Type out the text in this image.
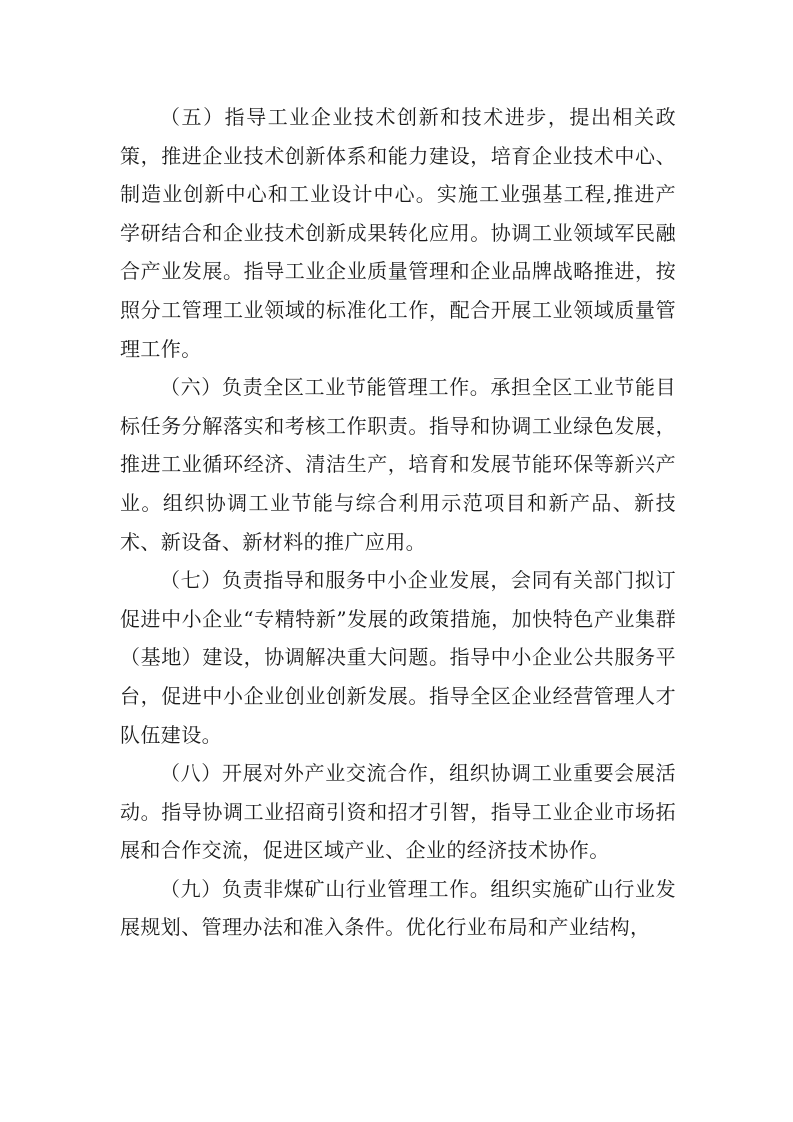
（五）指导工业企业技术创新和技术进步，提出相关政策，推进企业技术创新体系和能力建设，培育企业技术中心、制造业创新中心和工业设计中心。实施工业强基工程,推进产学研结合和企业技术创新成果转化应用。协调工业领域军民融合产业发展。指导工业企业质量管理和企业品牌战略推进，按照分工管理工业领域的标准化工作，配合开展工业领域质量管理工作。

（六）负责全区工业节能管理工作。承担全区工业节能目标任务分解落实和考核工作职责。指导和协调工业绿色发展，推进工业循环经济、清洁生产，培育和发展节能环保等新兴产业。组织协调工业节能与综合利用示范项目和新产品、新技术、新设备、新材料的推广应用。

（七）负责指导和服务中小企业发展，会同有关部门拟订促进中小企业“专精特新”发展的政策措施，加快特色产业集群（基地）建设，协调解决重大问题。指导中小企业公共服务平台，促进中小企业创业创新发展。指导全区企业经营管理人才队伍建设。

（八）开展对外产业交流合作，组织协调工业重要会展活动。指导协调工业招商引资和招才引智，指导工业企业市场拓展和合作交流，促进区域产业、企业的经济技术协作。

（九）负责非煤矿山行业管理工作。组织实施矿山行业发展规划、管理办法和准入条件。优化行业布局和产业结构，
